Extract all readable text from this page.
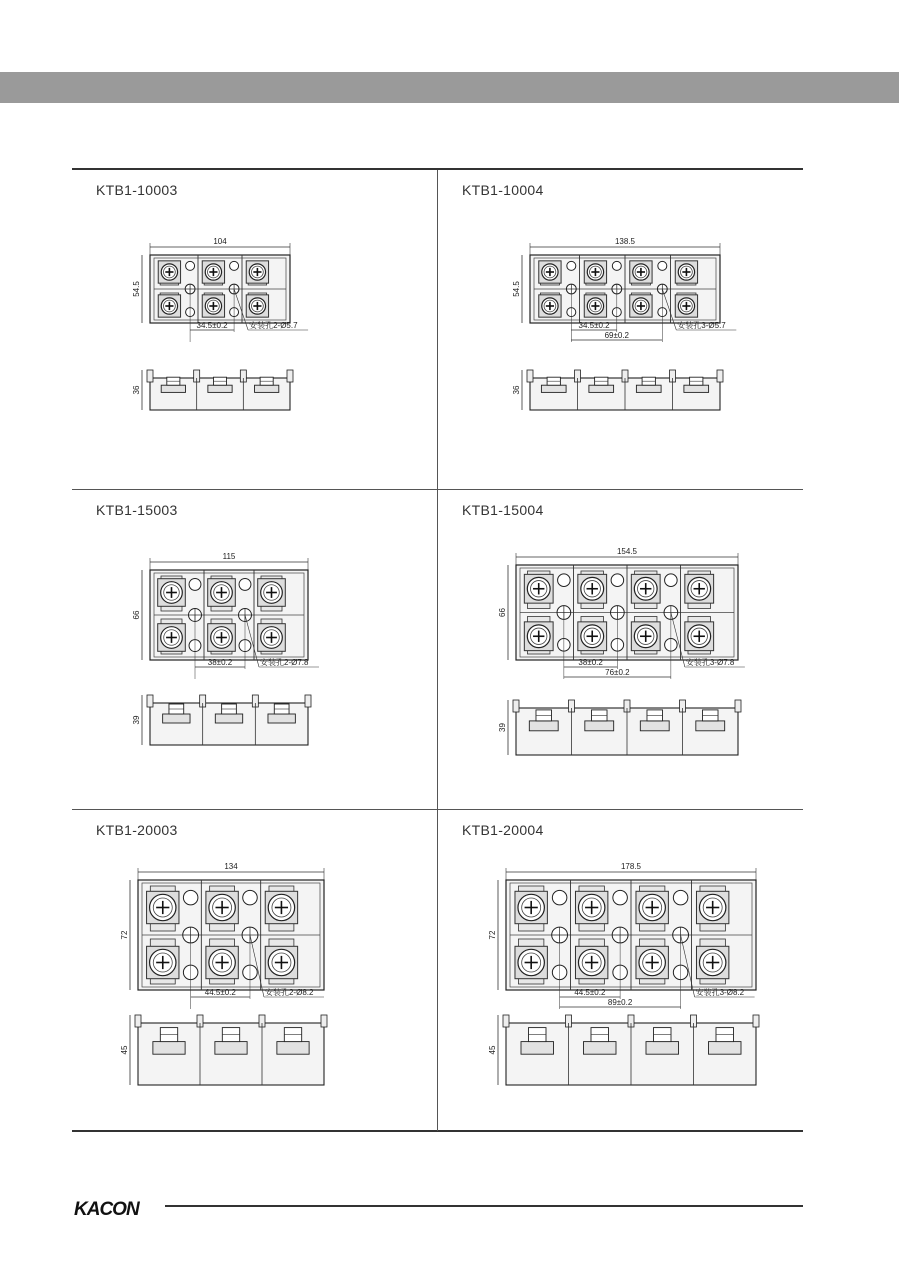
KTB1-10003
104
54.5
34.5±0.2	安装孔2-Ø5.7
36
KTB1-10004
138.5
54.5
34.5±0.2
69±0.2
安装孔3-Ø5.7
36
KTB1-15003
115
66
38±0.2	安装孔2-Ø7.8
39
KTB1-15004
154.5
66
38±0.2
76±0.2
安装孔3-Ø7.8
39
KTB1-20003
134
72
44.5±0.2	安装孔2-Ø8.2
45
KTB1-20004
178.5
72
44.5±0.2
89±0.2
安装孔3-Ø8.2
45
KACON
